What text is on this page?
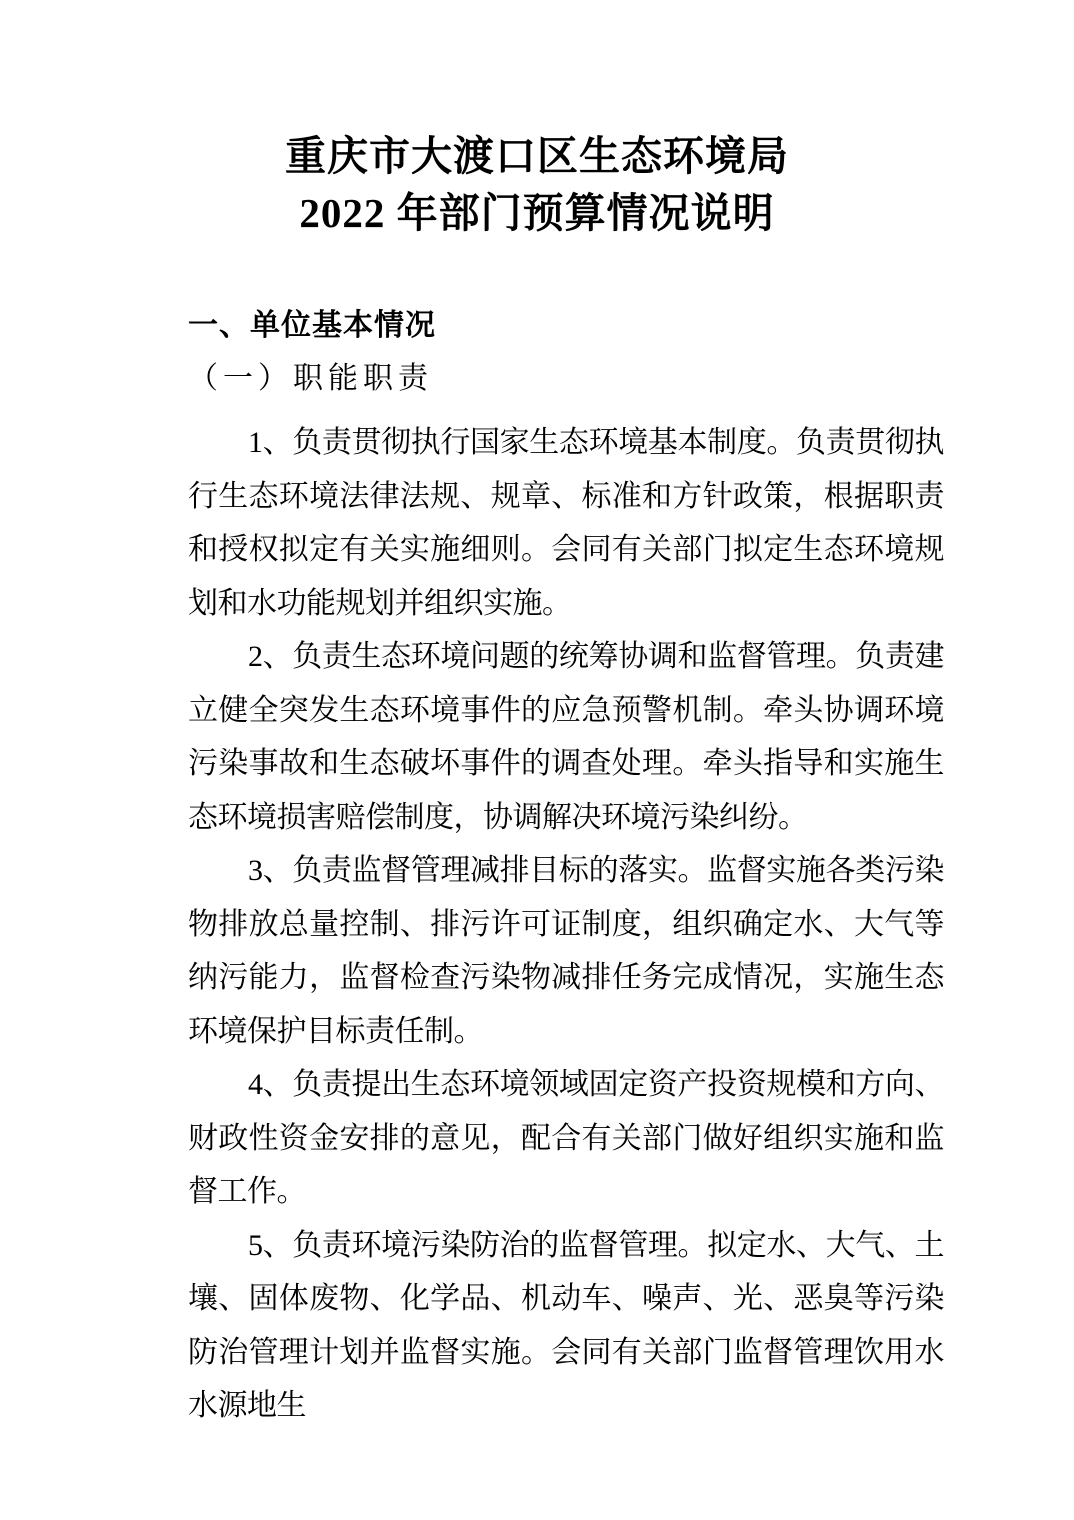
重庆市大渡口区生态环境局
2022 年部门预算情况说明
一、单位基本情况
（一）职能职责

1、负责贯彻执行国家生态环境基本制度。负责贯彻执行生态环境法律法规、规章、标准和方针政策，根据职责和授权拟定有关实施细则。会同有关部门拟定生态环境规划和水功能规划并组织实施。

2、负责生态环境问题的统筹协调和监督管理。负责建立健全突发生态环境事件的应急预警机制。牵头协调环境污染事故和生态破坏事件的调查处理。牵头指导和实施生态环境损害赔偿制度，协调解决环境污染纠纷。

3、负责监督管理减排目标的落实。监督实施各类污染物排放总量控制、排污许可证制度，组织确定水、大气等纳污能力，监督检查污染物减排任务完成情况，实施生态环境保护目标责任制。

4、负责提出生态环境领域固定资产投资规模和方向、财政性资金安排的意见，配合有关部门做好组织实施和监督工作。

5、负责环境污染防治的监督管理。拟定水、大气、土壤、固体废物、化学品、机动车、噪声、光、恶臭等污染防治管理计划并监督实施。会同有关部门监督管理饮用水水源地生
